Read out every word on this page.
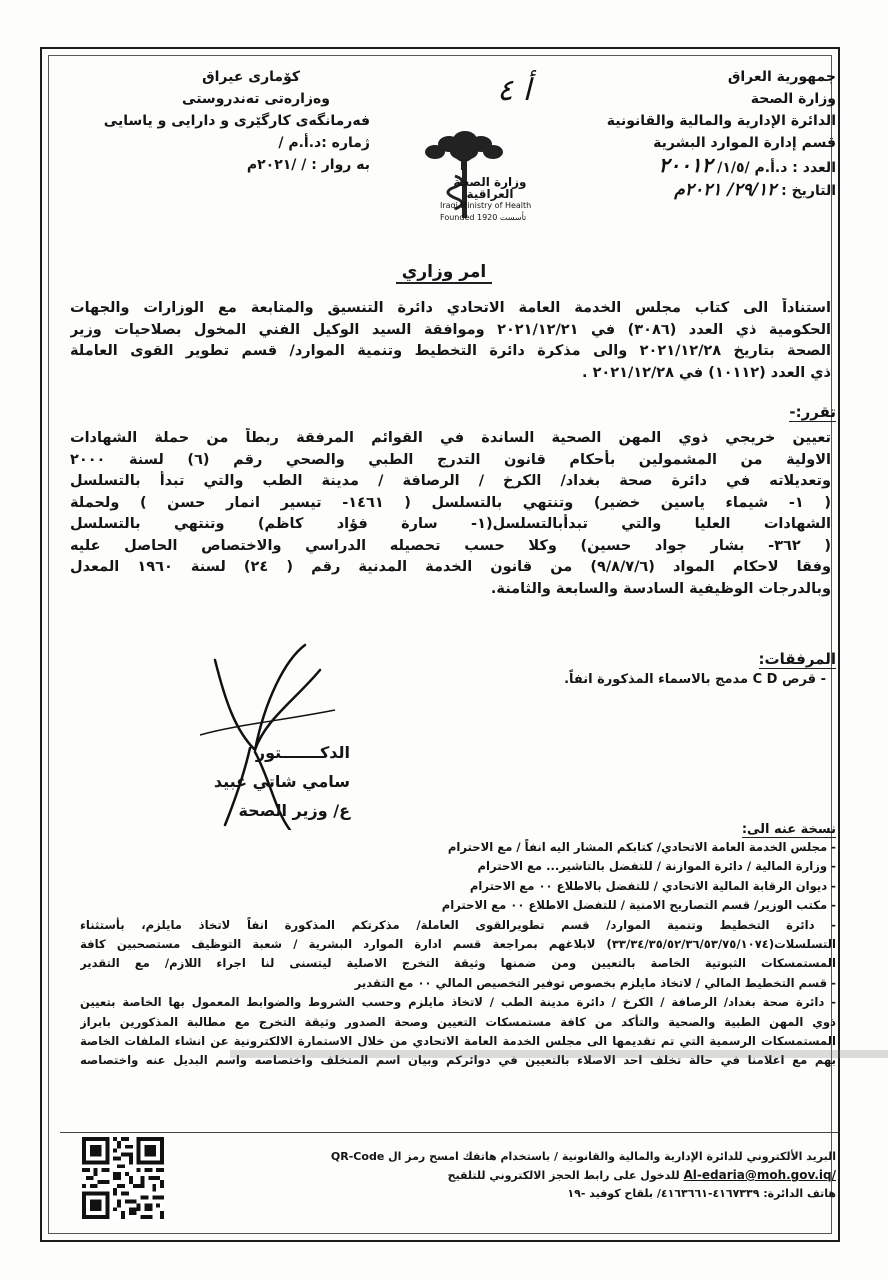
جمهورية العراق
وزارة الصحة
الدائرة الإدارية والمالية والقانونية
قسم إدارة الموارد البشرية
العدد : د.أ.م /١/٥/ ٢٠٠١٢
التاريخ : ٢٩/١٢/ ٢٠٢١م
كۆماری عیراق
وەزارەتی تەندروستی
فەرمانگەی کارگێری و دارایی و یاسایی
ژمارە :د.أ.م /
بە روار : / /٢٠٢١م
أ ٤
وزارة الصحة العراقية
Iraqi Ministry of Health
Founded 1920 تأسست
امر وزاري
استناداً الى كتاب مجلس الخدمة العامة الاتحادي دائرة التنسيق والمتابعة مع الوزارات والجهات
الحكومية ذي العدد (٣٠٨٦) في ٢٠٢١/١٢/٢١ وموافقة السيد الوكيل الفني المخول بصلاحيات وزير
الصحة بتاريخ ٢٠٢١/١٢/٢٨ والى مذكرة دائرة التخطيط وتنمية الموارد/ قسم تطوير القوى العاملة
ذي العدد (١٠١١٢) في ٢٠٢١/١٢/٢٨ .
تقرر:-
تعيين خريجي ذوي المهن الصحية الساندة في القوائم المرفقة ربطاً من حملة الشهادات
الاولية من المشمولين بأحكام قانون التدرج الطبي والصحي رقم (٦) لسنة ٢٠٠٠
وتعديلاته في دائرة صحة بغداد/ الكرخ / الرصافة / مدينة الطب والتي تبدأ بالتسلسل
( ١- شيماء ياسين خضير) وتنتهي بالتسلسل ( ١٤٦١- تيسير انمار حسن ) ولحملة
الشهادات العليا والتي تبدأبالتسلسل(١- سارة فؤاد كاظم) وتنتهي بالتسلسل
( ٣٦٢- بشار جواد حسين) وكلا حسب تحصيله الدراسي والاختصاص الحاصل عليه
وفقا لاحكام المواد (٩/٨/٧/٦) من قانون الخدمة المدنية رقم ( ٢٤) لسنة ١٩٦٠ المعدل
وبالدرجات الوظيفية السادسة والسابعة والثامنة.
المرفقات:
- قرص C D مدمج بالاسماء المذكورة انفاً.
الدكـــــــتور
سامي شاتي عبيد
ع/ وزير الصحة
نسخة عنه الى:
- مجلس الخدمة العامة الاتحادي/ كتابكم المشار اليه انفاً / مع الاحترام
- وزارة المالية / دائرة الموازنة / للتفضل بالتاشير... مع الاحترام
- ديوان الرقابة المالية الاتحادي / للتفضل بالاطلاع ٠٠ مع الاحترام
- مكتب الوزير/ قسم التصاريح الامنية / للتفضل الاطلاع ٠٠ مع الاحترام
- دائرة التخطيط وتنمية الموارد/ قسم تطويرالقوى العاملة/ مذكرتكم المذكورة انفاً لاتخاذ مايلزم، بأستثناء
التسلسلات(٣٣/٣٤/٣٥/٥٢/٣٦/٥٣/٧٥/١٠٧٤) لابلاغهم بمراجعة قسم ادارة الموارد البشرية / شعبة التوظيف مستصحبين كافة
المستمسكات الثبوتية الخاصة بالتعيين ومن ضمنها وثيقة التخرج الاصلية ليتسنى لنا اجراء اللازم/ مع التقدير
- قسم التخطيط المالي / لاتخاذ مايلزم بخصوص توفير التخصيص المالي ٠٠ مع التقدير
- دائرة صحة بغداد/ الرصافة / الكرخ / دائرة مدينة الطب / لاتخاذ مايلزم وحسب الشروط والضوابط المعمول بها الخاصة بتعيين
ذوي المهن الطبية والصحية والتأكد من كافة مستمسكات التعيين وصحة الصدور وثيقة التخرج مع مطالبة المذكورين بابراز
المستمسكات الرسمية التي تم تقديمها الى مجلس الخدمة العامة الاتحادي من خلال الاستمارة الالكترونية عن انشاء الملفات الخاصة
بهم مع اعلامنا في حالة تخلف احد الاصلاء بالتعيين في دوائركم وبيان اسم المتخلف واختصاصه واسم البديل عنه واختصاصه
البريد الألكتروني للدائرة الإدارية والمالية والقانونية / باستخدام هاتفك امسح رمز ال QR-Code
Al-edaria@moh.gov.iq/ للدخول على رابط الحجز الالكتروني للتلقيح
هاتف الدائرة: ٤١٦٧٣٣٩-٤١٦٣٦٦١/ بلقاح كوفيد -١٩
